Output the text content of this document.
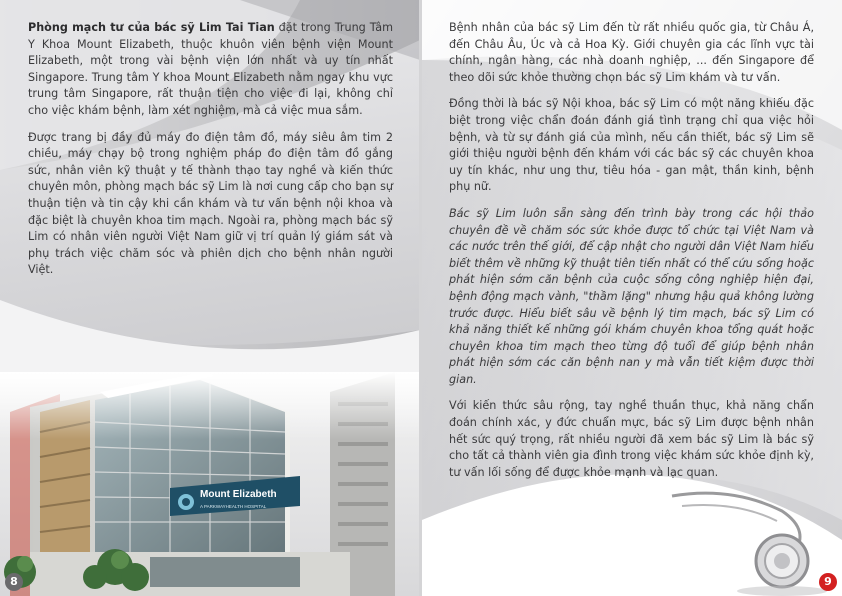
Phòng mạch tư của bác sỹ Lim Tai Tian đặt trong Trung Tâm Y Khoa Mount Elizabeth, thuộc khuôn viên bệnh viện Mount Elizabeth, một trong vài bệnh viện lớn nhất và uy tín nhất Singapore. Trung tâm Y khoa Mount Elizabeth nằm ngay khu vực trung tâm Singapore, rất thuận tiện cho việc đi lại, không chỉ cho việc khám bệnh, làm xét nghiệm, mà cả việc mua sắm.

Được trang bị đầy đủ máy đo điện tâm đồ, máy siêu âm tim 2 chiều, máy chạy bộ trong nghiệm pháp đo điện tâm đồ gắng sức, nhân viên kỹ thuật y tế thành thạo tay nghề và kiến thức chuyên môn, phòng mạch bác sỹ Lim là nơi cung cấp cho bạn sự thuận tiện và tin cậy khi cần khám và tư vấn bệnh nội khoa và đặc biệt là chuyên khoa tim mạch. Ngoài ra, phòng mạch bác sỹ Lim có nhân viên người Việt Nam giữ vị trí quản lý giám sát và phụ trách việc chăm sóc và phiên dịch cho bệnh nhân người Việt.

8

Bệnh nhân của bác sỹ Lim đến từ rất nhiều quốc gia, từ Châu Á, đến Châu Âu, Úc và cả Hoa Kỳ. Giới chuyên gia các lĩnh vực tài chính, ngân hàng, các nhà doanh nghiệp, ... đến Singapore để theo dõi sức khỏe thường chọn bác sỹ Lim khám và tư vấn.

Đồng thời là bác sỹ Nội khoa, bác sỹ Lim có một năng khiếu đặc biệt trong việc chẩn đoán đánh giá tình trạng chỉ qua việc hỏi bệnh, và từ sự đánh giá của mình, nếu cần thiết, bác sỹ Lim sẽ giới thiệu người bệnh đến khám với các bác sỹ các chuyên khoa uy tín khác, như ung thư, tiêu hóa - gan mật, thần kinh, bệnh phụ nữ.

Bác sỹ Lim luôn sẵn sàng đến trình bày trong các hội thảo chuyên đề về chăm sóc sức khỏe được tổ chức tại Việt Nam và các nước trên thế giới, để cập nhật cho người dân Việt Nam hiểu biết thêm về những kỹ thuật tiên tiến nhất có thể cứu sống hoặc phát hiện sớm căn bệnh của cuộc sống công nghiệp hiện đại, bệnh động mạch vành, "thầm lặng" nhưng hậu quả không lường trước được. Hiểu biết sâu về bệnh lý tim mạch, bác sỹ Lim có khả năng thiết kế những gói khám chuyên khoa tổng quát hoặc chuyên khoa tim mạch theo từng độ tuổi để giúp bệnh nhân phát hiện sớm các căn bệnh nan y mà vẫn tiết kiệm được thời gian.

Với kiến thức sâu rộng, tay nghề thuần thục, khả năng chẩn đoán chính xác, y đức chuẩn mực, bác sỹ Lim được bệnh nhân hết sức quý trọng, rất nhiều người đã xem bác sỹ Lim là bác sỹ cho tất cả thành viên gia đình trong việc khám sức khỏe định kỳ, tư vấn lối sống để được khỏe mạnh và lạc quan.

9
